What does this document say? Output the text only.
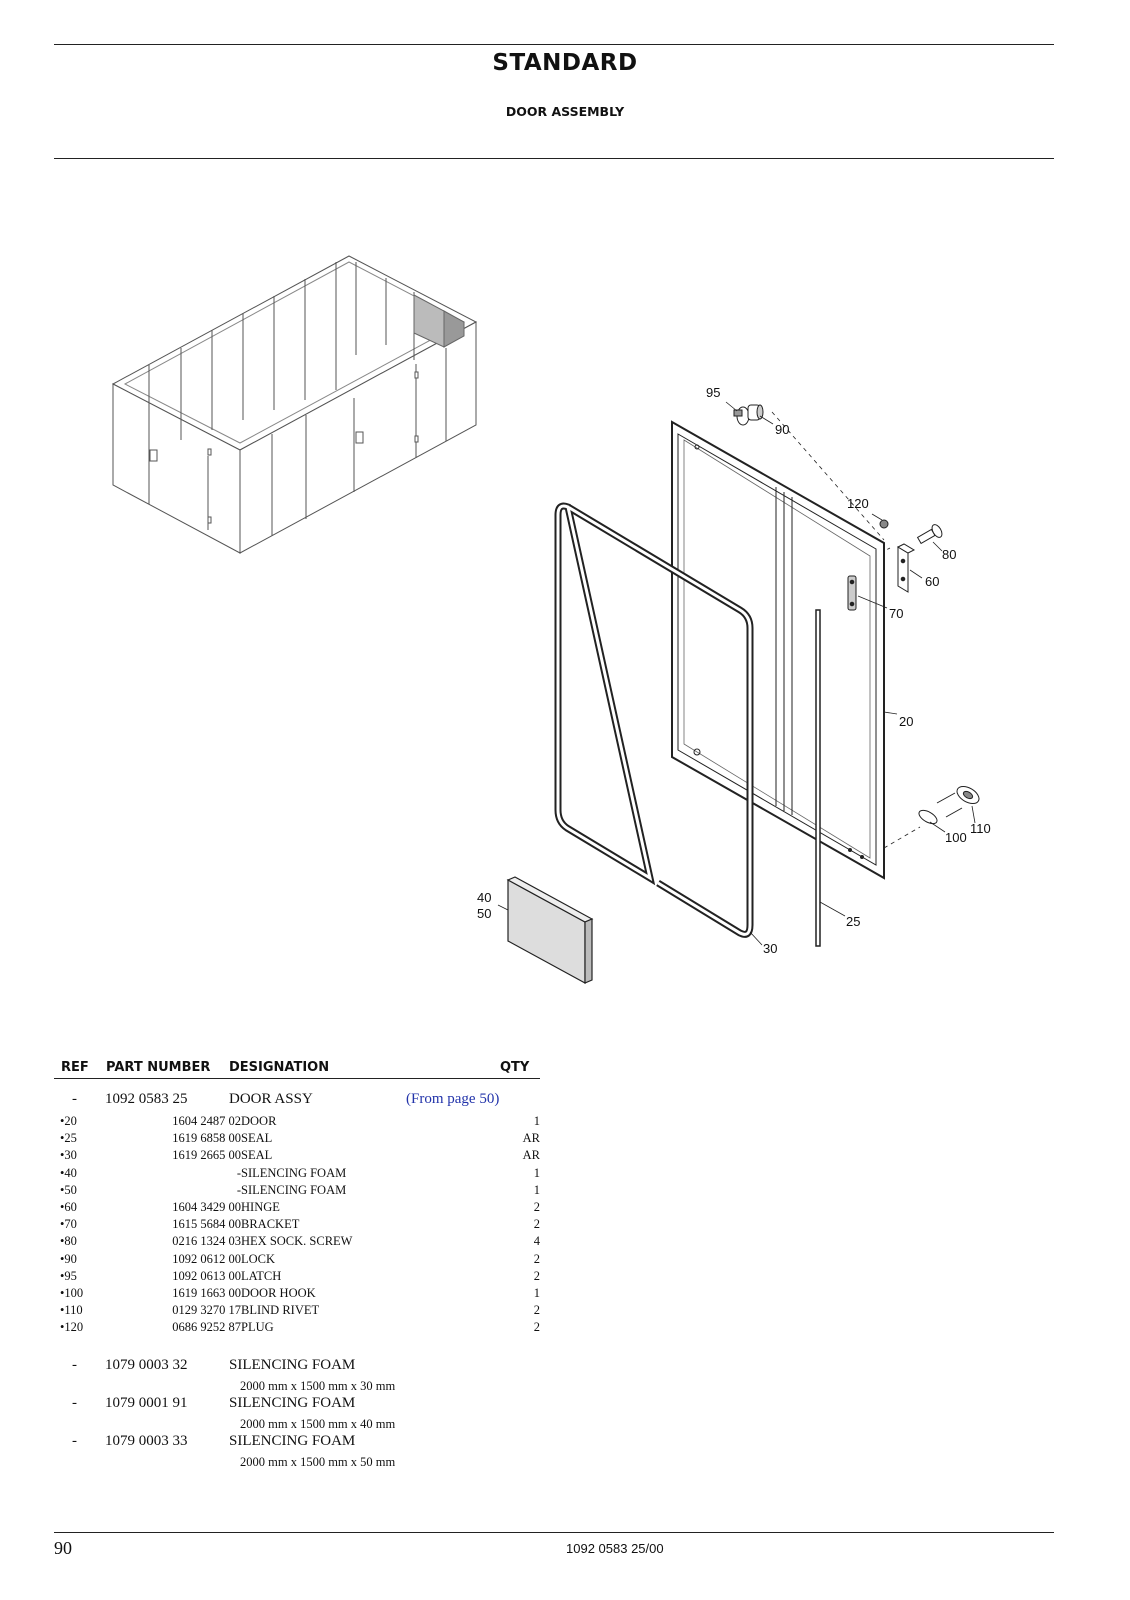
STANDARD
DOOR ASSEMBLY
95
90
120
80
60
70
20
110
100
25
40
50
30
REF PART NUMBER DESIGNATION	QTY
- 1092 0583 25	DOOR ASSY	(From page 50)
•20	1604 2487 02 DOOR	1
•25	1619 6858 00 SEAL	AR
•30	1619 2665 00 SEAL	AR
•40	- SILENCING FOAM	1
•50	- SILENCING FOAM	1
•60	1604 3429 00 HINGE	2
•70	1615 5684 00 BRACKET	2
•80	0216 1324 03 HEX SOCK. SCREW	4
•90	1092 0612 00 LOCK	2
•95	1092 0613 00 LATCH	2
•100	1619 1663 00 DOOR HOOK	1
•110	0129 3270 17 BLIND RIVET	2
•120	0686 9252 87 PLUG	2
- 1079 0003 32	SILENCING FOAM
2000 mm x 1500 mm x 30 mm
- 1079 0001 91	SILENCING FOAM
2000 mm x 1500 mm x 40 mm
- 1079 0003 33	SILENCING FOAM
2000 mm x 1500 mm x 50 mm
90	1092 0583 25/00
